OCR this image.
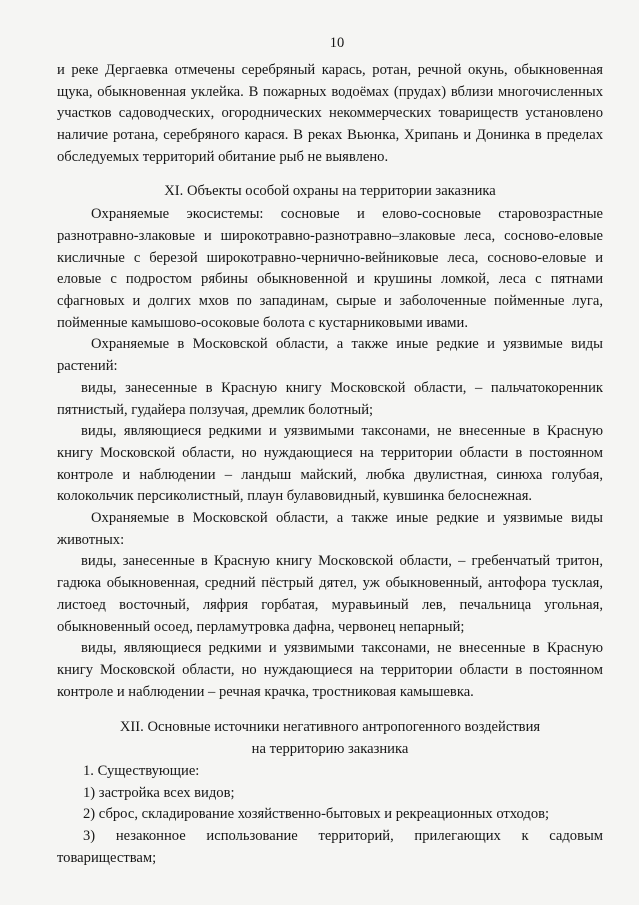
10

и реке Дергаевка отмечены серебряный карась, ротан, речной окунь, обыкновенная щука, обыкновенная уклейка. В пожарных водоёмах (прудах) вблизи многочисленных участков садоводческих, огороднических некоммерческих товариществ установлено наличие ротана, серебряного карася. В реках Вьюнка, Хрипань и Донинка в пределах обследуемых территорий обитание рыб не выявлено.

XI. Объекты особой охраны на территории заказника

Охраняемые экосистемы: сосновые и елово-сосновые старовозрастные разнотравно-злаковые и широкотравно-разнотравно–злаковые леса, сосново-еловые кисличные с березой широкотравно-чернично-вейниковые леса, сосново-еловые и еловые с подростом рябины обыкновенной и крушины ломкой, леса с пятнами сфагновых и долгих мхов по западинам, сырые и заболоченные пойменные луга, пойменные камышово-осоковые болота с кустарниковыми ивами.

Охраняемые в Московской области, а также иные редкие и уязвимые виды растений:

виды, занесенные в Красную книгу Московской области, – пальчатокоренник пятнистый, гудайера ползучая, дремлик болотный;

виды, являющиеся редкими и уязвимыми таксонами, не внесенные в Красную книгу Московской области, но нуждающиеся на территории области в постоянном контроле и наблюдении – ландыш майский, любка двулистная, синюха голубая, колокольчик персиколистный, плаун булавовидный, кувшинка белоснежная.

Охраняемые в Московской области, а также иные редкие и уязвимые виды животных:

виды, занесенные в Красную книгу Московской области, – гребенчатый тритон, гадюка обыкновенная, средний пёстрый дятел, уж обыкновенный, антофора тусклая, листоед восточный, ляфрия горбатая, муравьиный лев, печальница угольная, обыкновенный осоед, перламутровка дафна, червонец непарный;

виды, являющиеся редкими и уязвимыми таксонами, не внесенные в Красную книгу Московской области, но нуждающиеся на территории области в постоянном контроле и наблюдении – речная крачка, тростниковая камышевка.

XII. Основные источники негативного антропогенного воздействия

на территорию заказника

1. Существующие:

1) застройка всех видов;

2) сброс, складирование хозяйственно-бытовых и рекреационных отходов;

3) незаконное использование территорий, прилегающих к садовым товариществам;
